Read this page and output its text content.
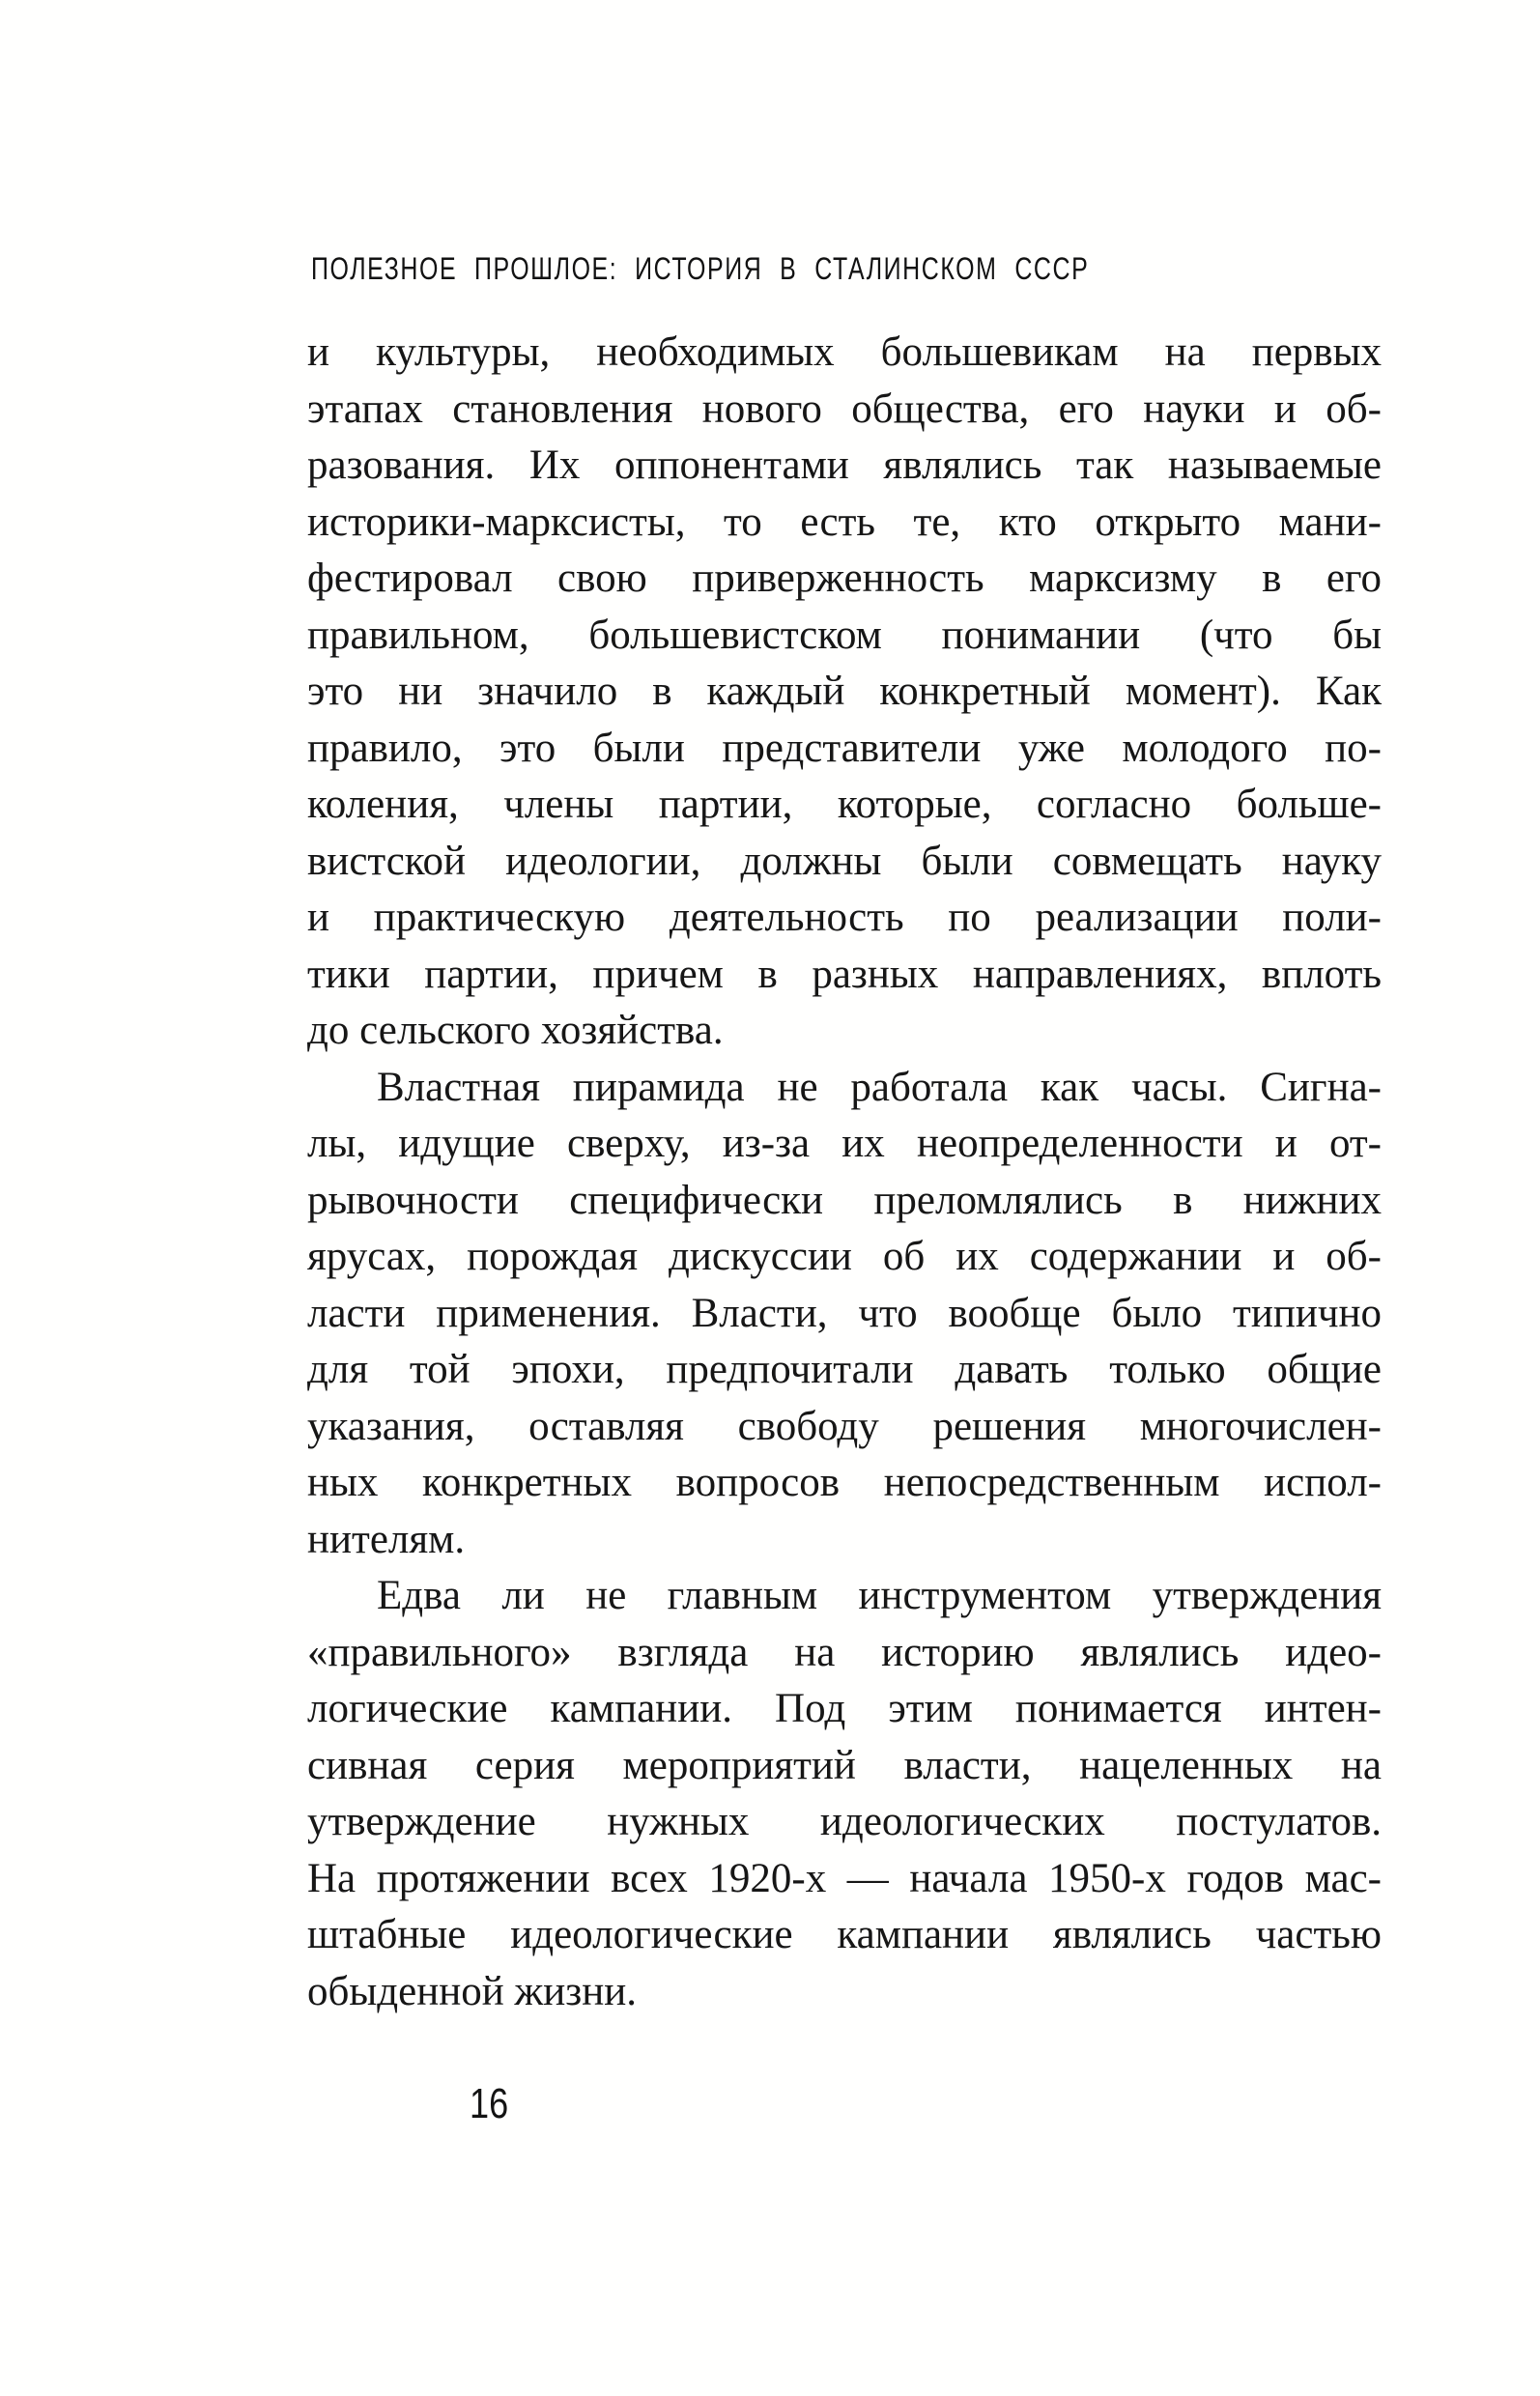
ПОЛЕЗНОЕ ПРОШЛОЕ: ИСТОРИЯ В СТАЛИНСКОМ СССР
и культуры, необходимых большевикам на первых
этапах становления нового общества, его науки и об-
разования. Их оппонентами являлись так называемые
историки-марксисты, то есть те, кто открыто мани-
фестировал свою приверженность марксизму в его
правильном, большевистском понимании (что бы
это ни значило в каждый конкретный момент). Как
правило, это были представители уже молодого по-
коления, члены партии, которые, согласно больше-
вистской идеологии, должны были совмещать науку
и практическую деятельность по реализации поли-
тики партии, причем в разных направлениях, вплоть
до сельского хозяйства.
Властная пирамида не работала как часы. Сигна-
лы, идущие сверху, из-за их неопределенности и от-
рывочности специфически преломлялись в нижних
ярусах, порождая дискуссии об их содержании и об-
ласти применения. Власти, что вообще было типично
для той эпохи, предпочитали давать только общие
указания, оставляя свободу решения многочислен-
ных конкретных вопросов непосредственным испол-
нителям.
Едва ли не главным инструментом утверждения
«правильного» взгляда на историю являлись идео-
логические кампании. Под этим понимается интен-
сивная серия мероприятий власти, нацеленных на
утверждение нужных идеологических постулатов.
На протяжении всех 1920-х — начала 1950-х годов мас-
штабные идеологические кампании являлись частью
обыденной жизни.
16
